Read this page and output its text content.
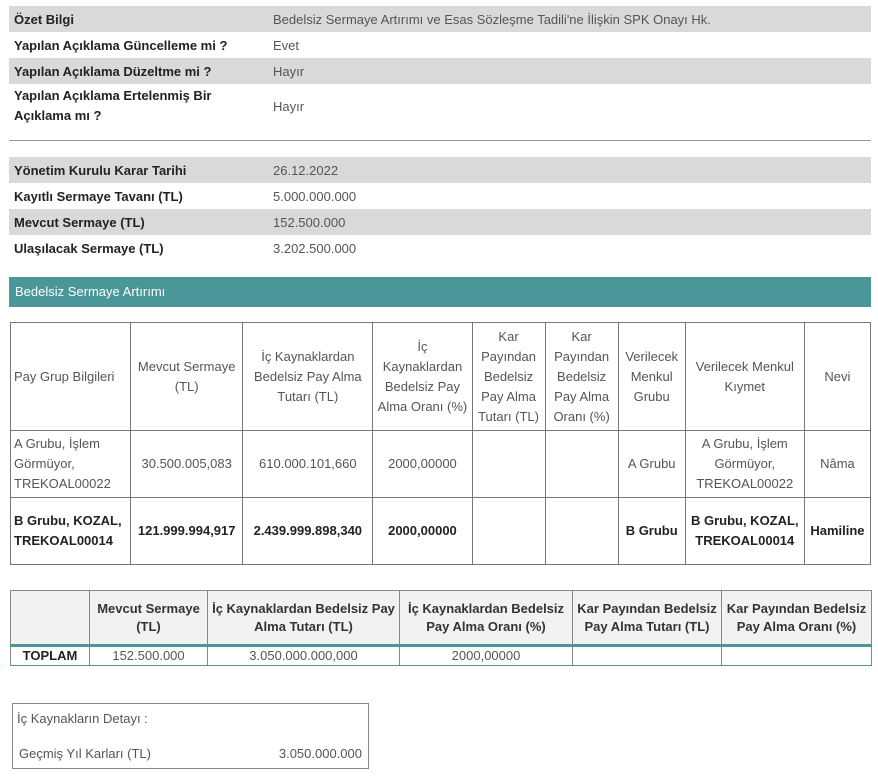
Özet Bilgi	Bedelsiz Sermaye Artırımı ve Esas Sözleşme Tadili'ne İlişkin SPK Onayı Hk.
Yapılan Açıklama Güncelleme mi ?	Evet
Yapılan Açıklama Düzeltme mi ?	Hayır
Yapılan Açıklama Ertelenmiş Bir Açıklama mı ?	Hayır
Yönetim Kurulu Karar Tarihi	26.12.2022
Kayıtlı Sermaye Tavanı (TL)	5.000.000.000
Mevcut Sermaye (TL)	152.500.000
Ulaşılacak Sermaye (TL)	3.202.500.000
Bedelsiz Sermaye Artırımı
Pay Grup Bilgileri	Mevcut Sermaye (TL)	İç Kaynaklardan Bedelsiz Pay Alma Tutarı (TL)	İç Kaynaklardan Bedelsiz Pay Alma Oranı (%)	Kar Payından Bedelsiz Pay Alma Tutarı (TL)	Kar Payından Bedelsiz Pay Alma Oranı (%)	Verilecek Menkul Grubu	Verilecek Menkul Kıymet	Nevi
A Grubu, İşlem Görmüyor, TREKOAL00022	30.500.005,083	610.000.101,660	2000,00000			A Grubu	A Grubu, İşlem Görmüyor, TREKOAL00022	Nâma
B Grubu, KOZAL, TREKOAL00014	121.999.994,917	2.439.999.898,340	2000,00000			B Grubu	B Grubu, KOZAL, TREKOAL00014	Hamiline
	Mevcut Sermaye (TL)	İç Kaynaklardan Bedelsiz Pay Alma Tutarı (TL)	İç Kaynaklardan Bedelsiz Pay Alma Oranı (%)	Kar Payından Bedelsiz Pay Alma Tutarı (TL)	Kar Payından Bedelsiz Pay Alma Oranı (%)
TOPLAM	152.500.000	3.050.000.000,000	2000,00000		
İç Kaynakların Detayı :
Geçmiş Yıl Karları (TL)	3.050.000.000
